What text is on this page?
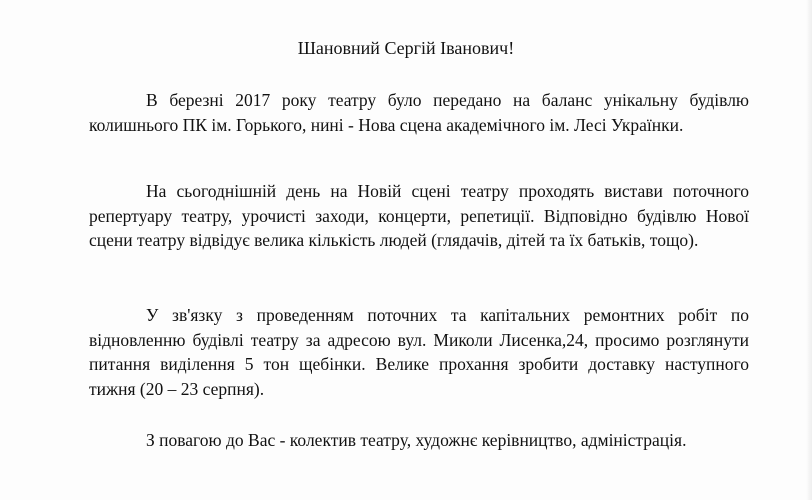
Шановний Сергій Іванович!

В березні 2017 року театру було передано на баланс унікальну будівлю колишнього ПК ім. Горького, нині - Нова сцена академічного ім. Лесі Українки.

На сьогоднішній день на Новій сцені театру проходять вистави поточного репертуару театру, урочисті заходи, концерти, репетиції. Відповідно будівлю Нової сцени театру відвідує велика кількість людей (глядачів, дітей та їх батьків, тощо).

У зв'язку з проведенням поточних та капітальних ремонтних робіт по відновленню будівлі театру за адресою вул. Миколи Лисенка,24, просимо розглянути питання виділення 5 тон щебінки. Велике прохання зробити доставку наступного тижня (20 – 23 серпня).

З повагою до Вас - колектив театру, художнє керівництво, адміністрація.
